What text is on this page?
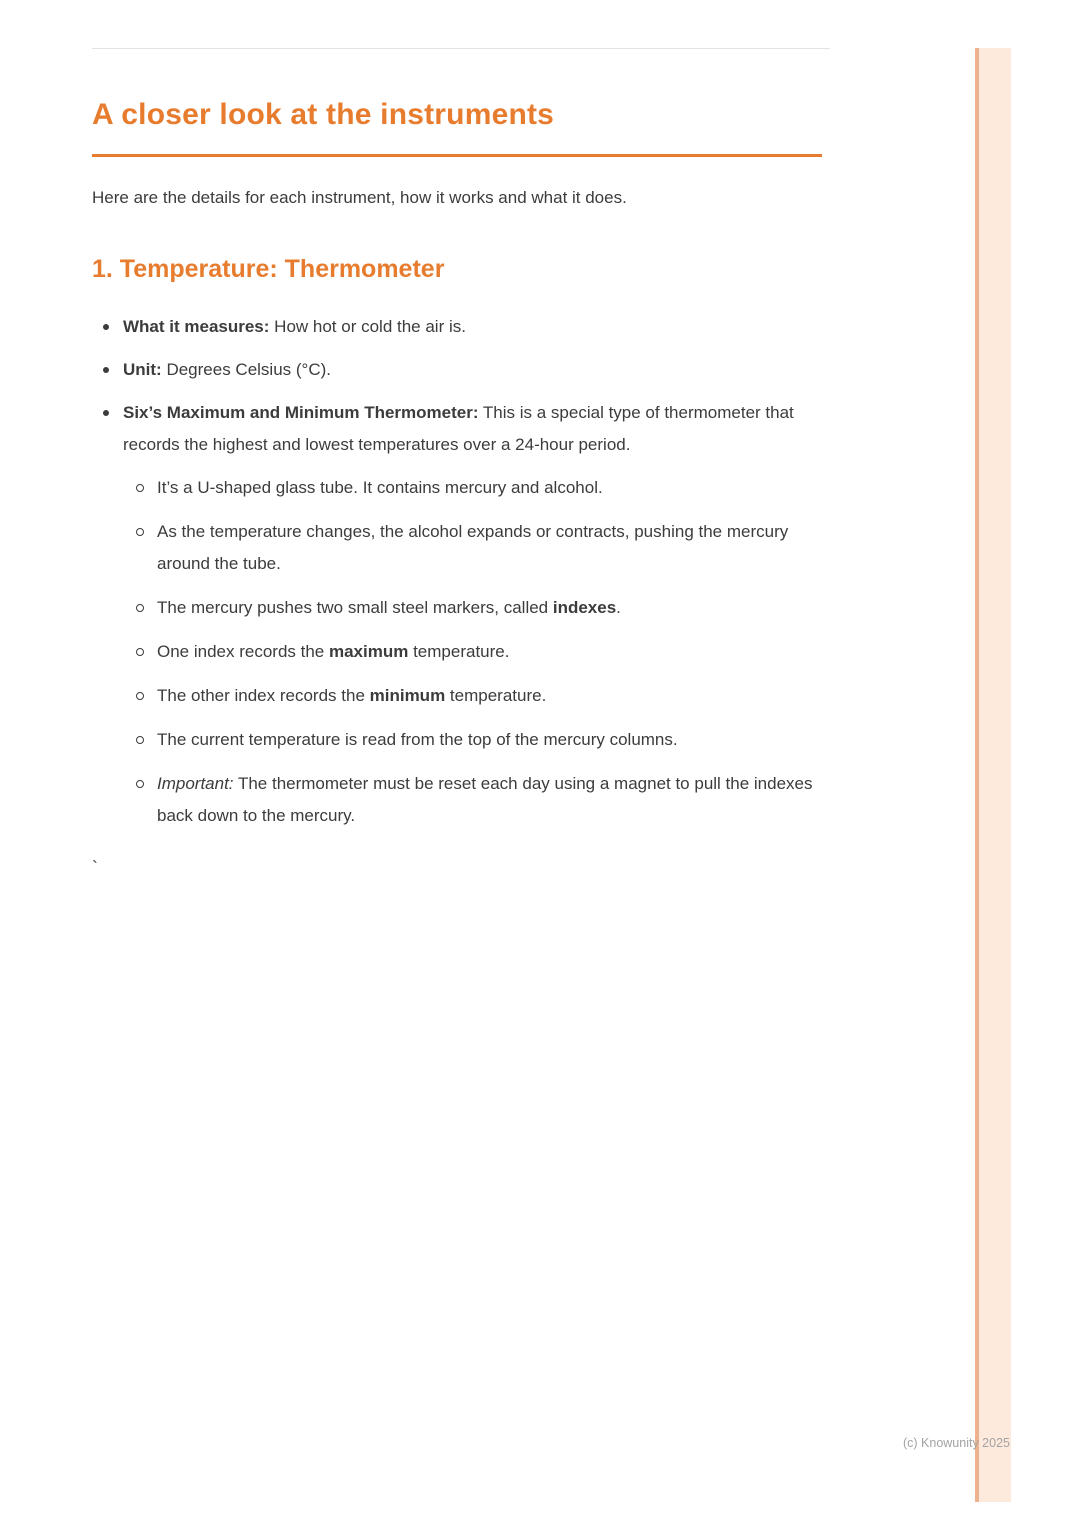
A closer look at the instruments

Here are the details for each instrument, how it works and what it does.

1. Temperature: Thermometer
What it measures: How hot or cold the air is.
Unit: Degrees Celsius (°C).
Six’s Maximum and Minimum Thermometer: This is a special type of thermometer that records the highest and lowest temperatures over a 24-hour period.
It’s a U-shaped glass tube. It contains mercury and alcohol.
As the temperature changes, the alcohol expands or contracts, pushing the mercury around the tube.
The mercury pushes two small steel markers, called indexes.
One index records the maximum temperature.
The other index records the minimum temperature.
The current temperature is read from the top of the mercury columns.
Important: The thermometer must be reset each day using a magnet to pull the indexes back down to the mercury.
`
(c) Knowunity 2025
